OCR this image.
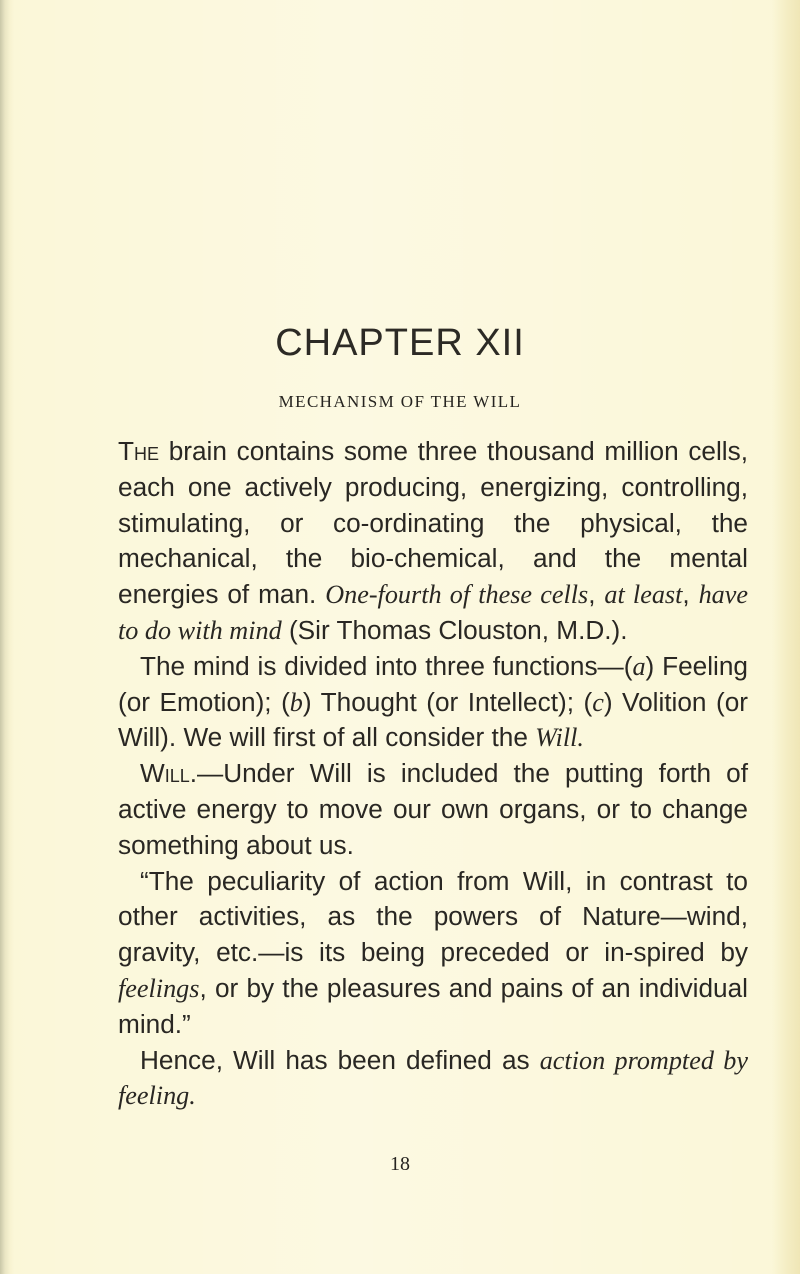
CHAPTER XII
MECHANISM OF THE WILL

The brain contains some three thousand million cells, each one actively producing, energizing, controlling, stimulating, or co-ordinating the physical, the mechanical, the bio-chemical, and the mental energies of man. One-fourth of these cells, at least, have to do with mind (Sir Thomas Clouston, M.D.).

The mind is divided into three functions—(a) Feeling (or Emotion); (b) Thought (or Intellect); (c) Volition (or Will). We will first of all consider the Will.

Will.—Under Will is included the putting forth of active energy to move our own organs, or to change something about us.

“The peculiarity of action from Will, in contrast to other activities, as the powers of Nature—wind, gravity, etc.—is its being preceded or in-spired by feelings, or by the pleasures and pains of an individual mind.”

Hence, Will has been defined as action prompted by feeling.

18
